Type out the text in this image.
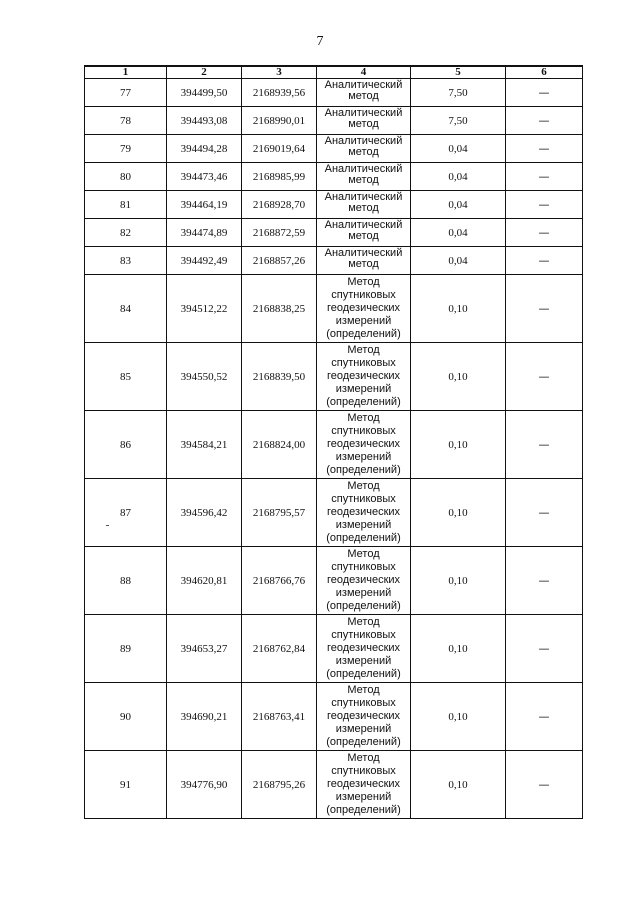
7
1	2	3	4	5	6
77	394499,50	2168939,56	Аналитический
метод	7,50	—
78	394493,08	2168990,01	Аналитический
метод	7,50	—
79	394494,28	2169019,64	Аналитический
метод	0,04	—
80	394473,46	2168985,99	Аналитический
метод	0,04	—
81	394464,19	2168928,70	Аналитический
метод	0,04	—
82	394474,89	2168872,59	Аналитический
метод	0,04	—
83	394492,49	2168857,26	Аналитический
метод	0,04	—
84	394512,22	2168838,25	Метод
спутниковых
геодезических
измерений
(определений)	0,10	—
85	394550,52	2168839,50	Метод
спутниковых
геодезических
измерений
(определений)	0,10	—
86	394584,21	2168824,00	Метод
спутниковых
геодезических
измерений
(определений)	0,10	—
87	394596,42	2168795,57	Метод
спутниковых
геодезических
измерений
(определений)	0,10	—
88	394620,81	2168766,76	Метод
спутниковых
геодезических
измерений
(определений)	0,10	—
89	394653,27	2168762,84	Метод
спутниковых
геодезических
измерений
(определений)	0,10	—
90	394690,21	2168763,41	Метод
спутниковых
геодезических
измерений
(определений)	0,10	—
91	394776,90	2168795,26	Метод
спутниковых
геодезических
измерений
(определений)	0,10	—
